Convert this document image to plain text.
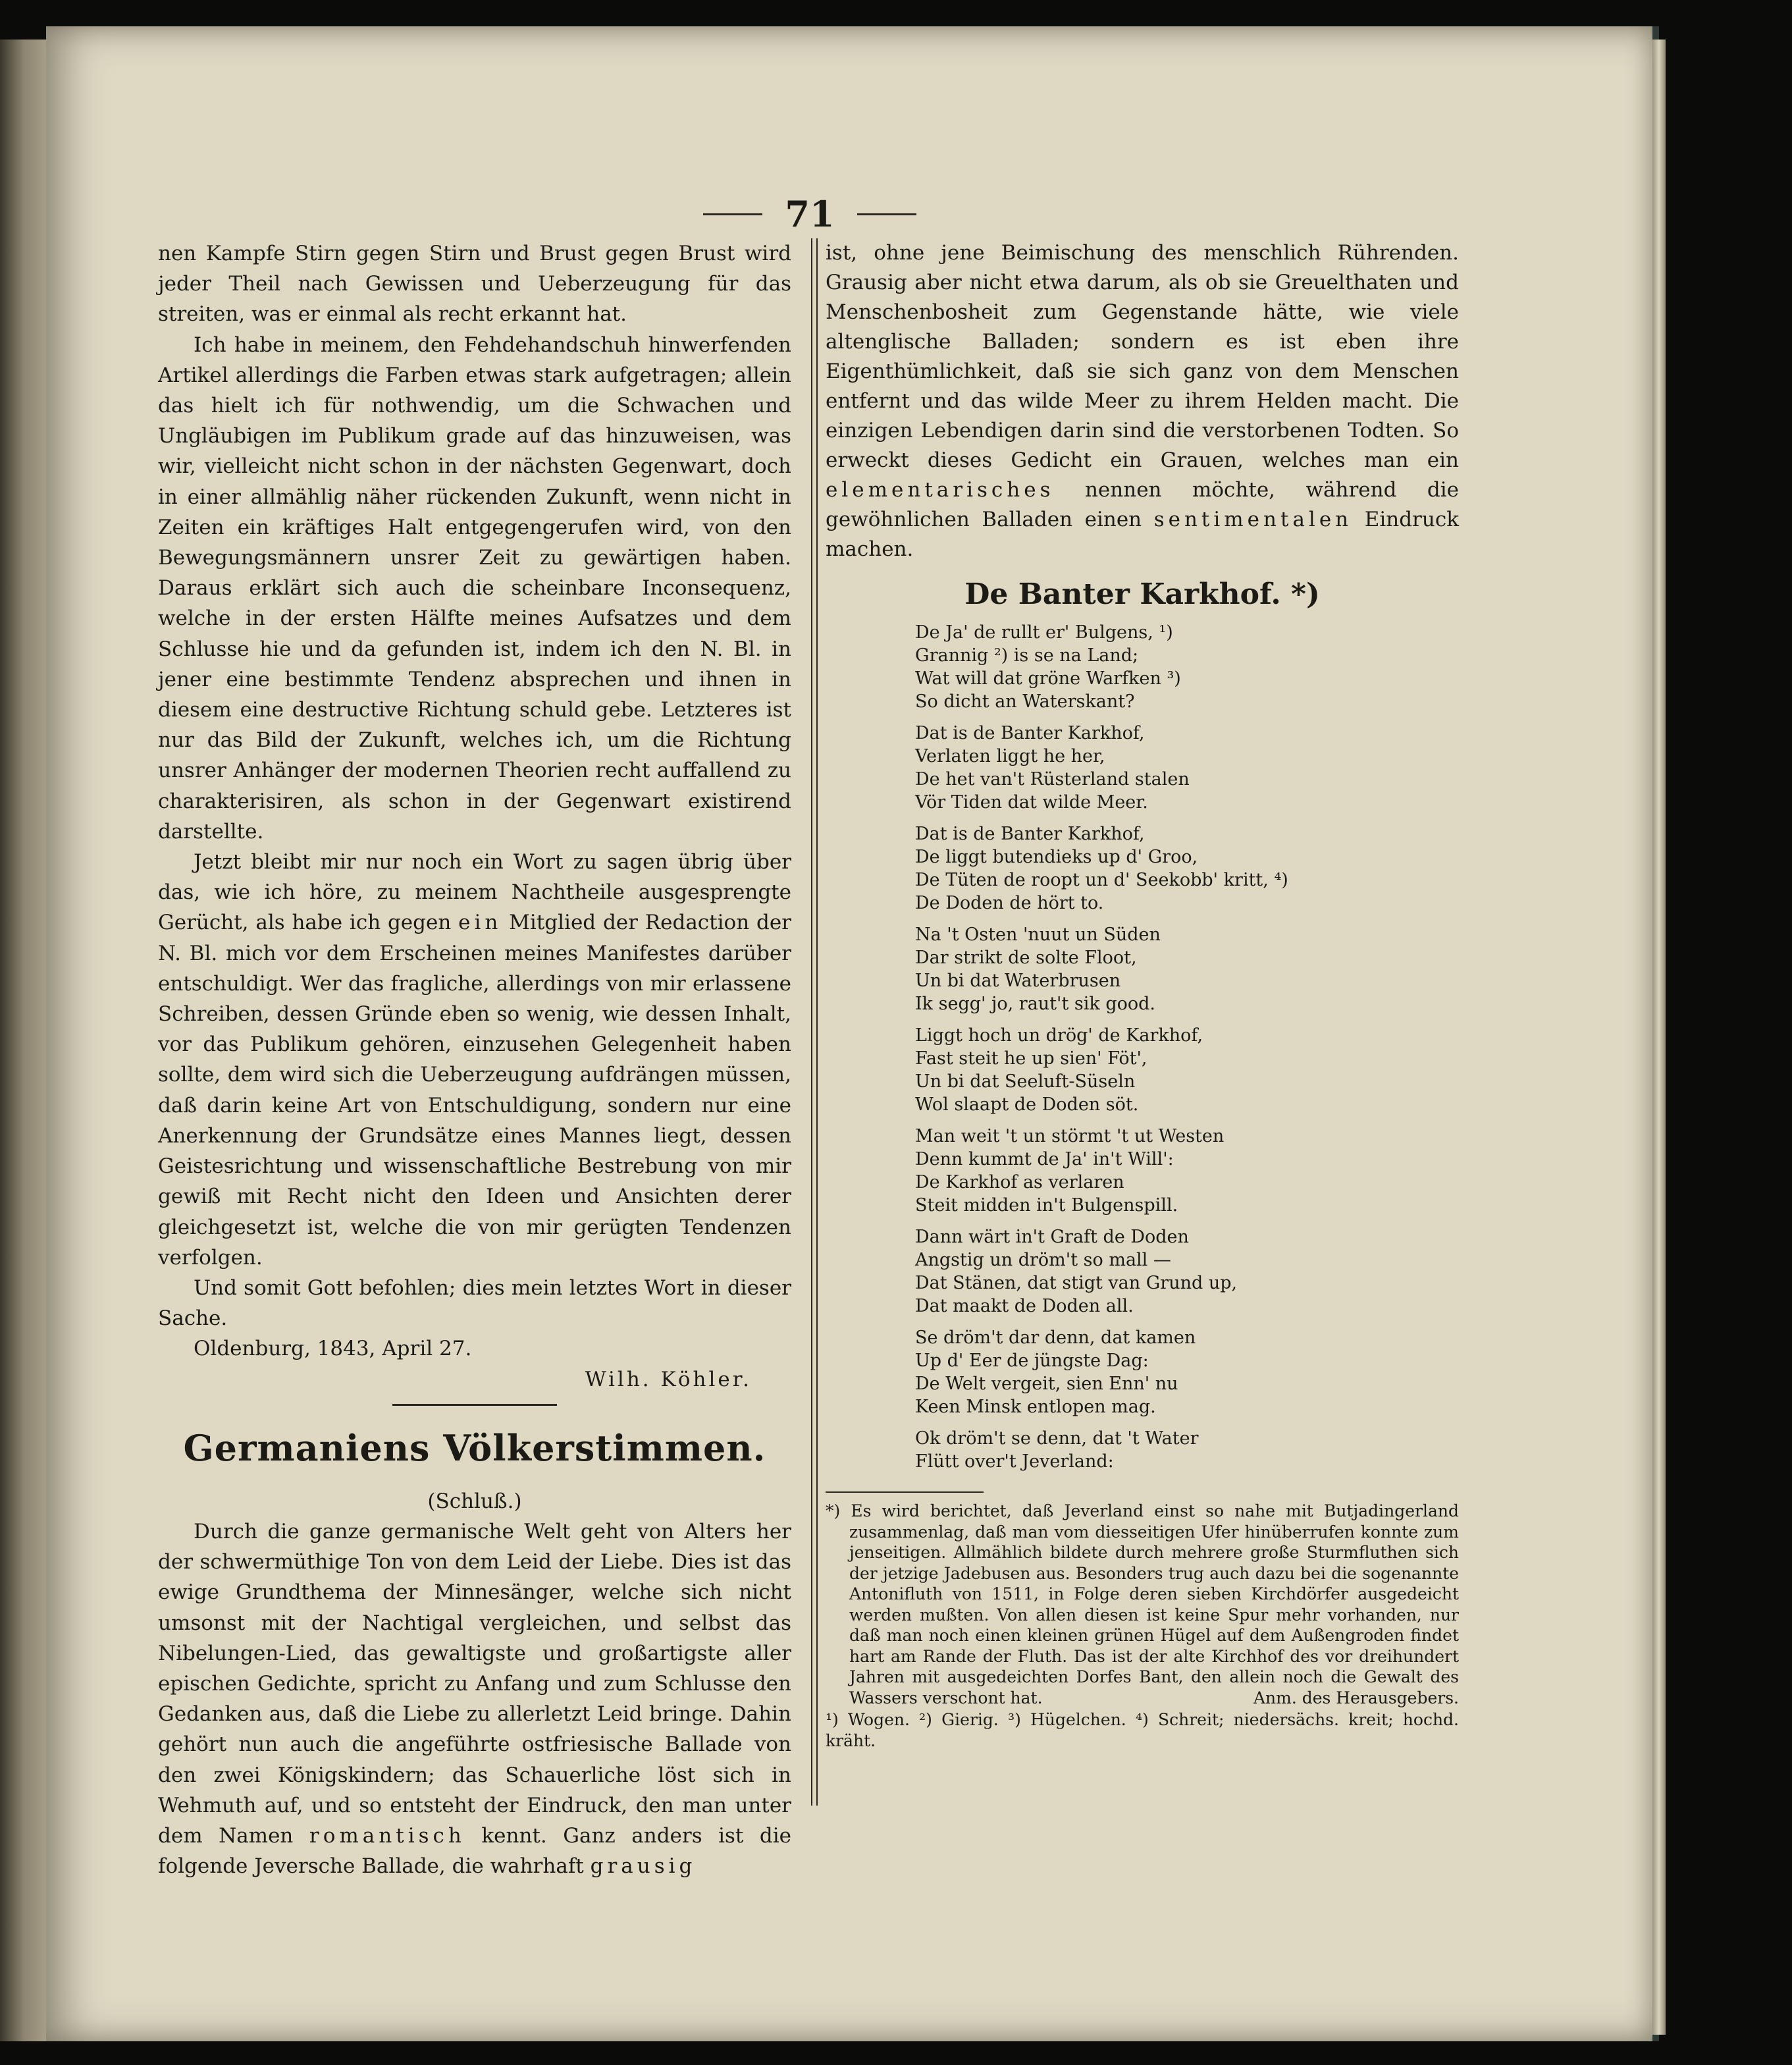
71

nen Kampfe Stirn gegen Stirn und Brust gegen Brust wird jeder Theil nach Gewissen und Ueberzeugung für das streiten, was er einmal als recht erkannt hat.

Ich habe in meinem, den Fehdehandschuh hinwerfenden Artikel allerdings die Farben etwas stark aufgetragen; allein das hielt ich für nothwendig, um die Schwachen und Ungläubigen im Publikum grade auf das hinzuweisen, was wir, vielleicht nicht schon in der nächsten Gegenwart, doch in einer allmählig näher rückenden Zukunft, wenn nicht in Zeiten ein kräftiges Halt entgegengerufen wird, von den Bewegungsmännern unsrer Zeit zu gewärtigen haben. Daraus erklärt sich auch die scheinbare Inconsequenz, welche in der ersten Hälfte meines Aufsatzes und dem Schlusse hie und da gefunden ist, indem ich den N. Bl. in jener eine bestimmte Tendenz absprechen und ihnen in diesem eine destructive Richtung schuld gebe. Letzteres ist nur das Bild der Zukunft, welches ich, um die Richtung unsrer Anhänger der modernen Theorien recht auffallend zu charakterisiren, als schon in der Gegenwart existirend darstellte.

Jetzt bleibt mir nur noch ein Wort zu sagen übrig über das, wie ich höre, zu meinem Nachtheile ausgesprengte Gerücht, als habe ich gegen ein Mitglied der Redaction der N. Bl. mich vor dem Erscheinen meines Manifestes darüber entschuldigt. Wer das fragliche, allerdings von mir erlassene Schreiben, dessen Gründe eben so wenig, wie dessen Inhalt, vor das Publikum gehören, einzusehen Gelegenheit haben sollte, dem wird sich die Ueberzeugung aufdrängen müssen, daß darin keine Art von Entschuldigung, sondern nur eine Anerkennung der Grundsätze eines Mannes liegt, dessen Geistesrichtung und wissenschaftliche Bestrebung von mir gewiß mit Recht nicht den Ideen und Ansichten derer gleichgesetzt ist, welche die von mir gerügten Tendenzen verfolgen.

Und somit Gott befohlen; dies mein letztes Wort in dieser Sache.

Oldenburg, 1843, April 27.

Wilh. Köhler.

Germaniens Völkerstimmen.

(Schluß.)

Durch die ganze germanische Welt geht von Alters her der schwermüthige Ton von dem Leid der Liebe. Dies ist das ewige Grundthema der Minnesänger, welche sich nicht umsonst mit der Nachtigal vergleichen, und selbst das Nibelungen-Lied, das gewaltigste und großartigste aller epischen Gedichte, spricht zu Anfang und zum Schlusse den Gedanken aus, daß die Liebe zu allerletzt Leid bringe. Dahin gehört nun auch die angeführte ostfriesische Ballade von den zwei Königskindern; das Schauerliche löst sich in Wehmuth auf, und so entsteht der Eindruck, den man unter dem Namen romantisch kennt. Ganz anders ist die folgende Jeversche Ballade, die wahrhaft grausig

ist, ohne jene Beimischung des menschlich Rührenden. Grausig aber nicht etwa darum, als ob sie Greuelthaten und Menschenbosheit zum Gegenstande hätte, wie viele altenglische Balladen; sondern es ist eben ihre Eigenthümlichkeit, daß sie sich ganz von dem Menschen entfernt und das wilde Meer zu ihrem Helden macht. Die einzigen Lebendigen darin sind die verstorbenen Todten. So erweckt dieses Gedicht ein Grauen, welches man ein elementarisches nennen möchte, während die gewöhnlichen Balladen einen sentimentalen Eindruck machen.

De Banter Karkhof. *)

De Ja' de rullt er' Bulgens, ¹)
Grannig ²) is se na Land;
Wat will dat gröne Warfken ³)
So dicht an Waterskant?
Dat is de Banter Karkhof,
Verlaten liggt he her,
De het van't Rüsterland stalen
Vör Tiden dat wilde Meer.
Dat is de Banter Karkhof,
De liggt butendieks up d' Groo,
De Tüten de roopt un d' Seekobb' kritt, ⁴)
De Doden de hört to.
Na 't Osten 'nuut un Süden
Dar strikt de solte Floot,
Un bi dat Waterbrusen
Ik segg' jo, raut't sik good.
Liggt hoch un drög' de Karkhof,
Fast steit he up sien' Föt',
Un bi dat Seeluft-Süseln
Wol slaapt de Doden söt.
Man weit 't un störmt 't ut Westen
Denn kummt de Ja' in't Will':
De Karkhof as verlaren
Steit midden in't Bulgenspill.
Dann wärt in't Graft de Doden
Angstig un dröm't so mall —
Dat Stänen, dat stigt van Grund up,
Dat maakt de Doden all.
Se dröm't dar denn, dat kamen
Up d' Eer de jüngste Dag:
De Welt vergeit, sien Enn' nu
Keen Minsk entlopen mag.
Ok dröm't se denn, dat 't Water
Flütt over't Jeverland:

*) Es wird berichtet, daß Jeverland einst so nahe mit Butjadingerland zusammenlag, daß man vom diesseitigen Ufer hinüberrufen konnte zum jenseitigen. Allmählich bildete durch mehrere große Sturmfluthen sich der jetzige Jadebusen aus. Besonders trug auch dazu bei die sogenannte Antonifluth von 1511, in Folge deren sieben Kirchdörfer ausgedeicht werden mußten. Von allen diesen ist keine Spur mehr vorhanden, nur daß man noch einen kleinen grünen Hügel auf dem Außengroden findet hart am Rande der Fluth. Das ist der alte Kirchhof des vor dreihundert Jahren mit ausgedeichten Dorfes Bant, den allein noch die Gewalt des Wassers verschont hat.	Anm. des Herausgebers.

¹) Wogen. ²) Gierig. ³) Hügelchen. ⁴) Schreit; niedersächs. kreit; hochd. kräht.
